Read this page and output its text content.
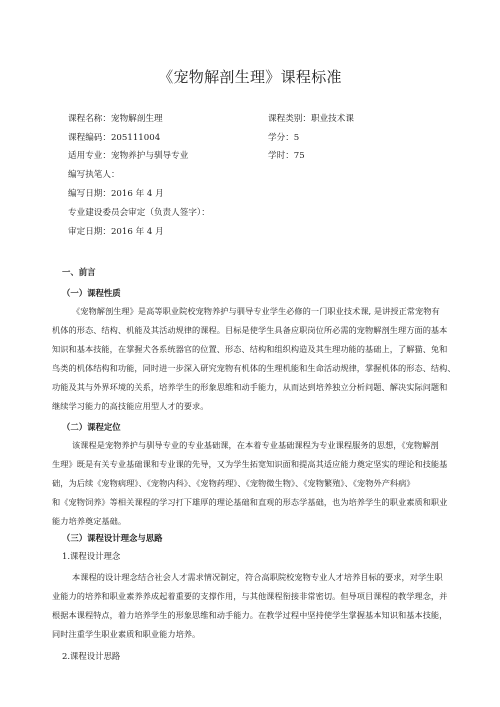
《宠物解剖生理》课程标准
课程名称：宠物解剖生理	课程类别：职业技术课
课程编码：205111004	学分：5
适用专业：宠物养护与驯导专业	学时：75
编写执笔人：
编写日期：2016 年 4 月
专业建设委员会审定（负责人签字）：
审定日期：2016 年 4 月
一、前言
（一）课程性质
《宠物解剖生理》是高等职业院校宠物养护与驯导专业学生必修的一门职业技术课, 是讲授正常宠物有
机体的形态、结构、机能及其活动规律的课程。目标是使学生具备应职岗位所必需的宠物解剖生理方面的基本
知识和基本技能，在掌握犬各系统器官的位置、形态、结构和组织构造及其生理功能的基础上，了解猫、兔和
鸟类的机体结构和功能，同时进一步深入研究宠物有机体的生理机能和生命活动规律，掌握机体的形态、结构、
功能及其与外界环境的关系，培养学生的形象思维和动手能力，从而达到培养独立分析问题、解决实际问题和
继续学习能力的高技能应用型人才的要求。
（二）课程定位
该课程是宠物养护与驯导专业的专业基础课，在本着专业基础课程为专业课程服务的思想，《宠物解剖
生理》既是有关专业基础课和专业课的先导，又为学生拓宽知识面和提高其适应能力奠定坚实的理论和技能基
础，为后续《宠物病理》、《宠物内科》、《宠物药理》、《宠物微生物》、《宠物繁殖》、《宠物外产科病》
和《宠物饲养》等相关课程的学习打下雄厚的理论基础和直观的形态学基础，也为培养学生的职业素质和职业
能力培养奠定基础。
（三）课程设计理念与思路
1.课程设计理念
本课程的设计理念结合社会人才需求情况制定，符合高职院校宠物专业人才培养目标的要求，对学生职
业能力的培养和职业素养养成起着重要的支撑作用，与其他课程衔接非常密切。但导项目课程的教学理念，并
根据本课程特点，着力培养学生的形象思维和动手能力。在教学过程中坚持使学生掌握基本知识和基本技能，
同时注重学生职业素质和职业能力培养。
2.课程设计思路
